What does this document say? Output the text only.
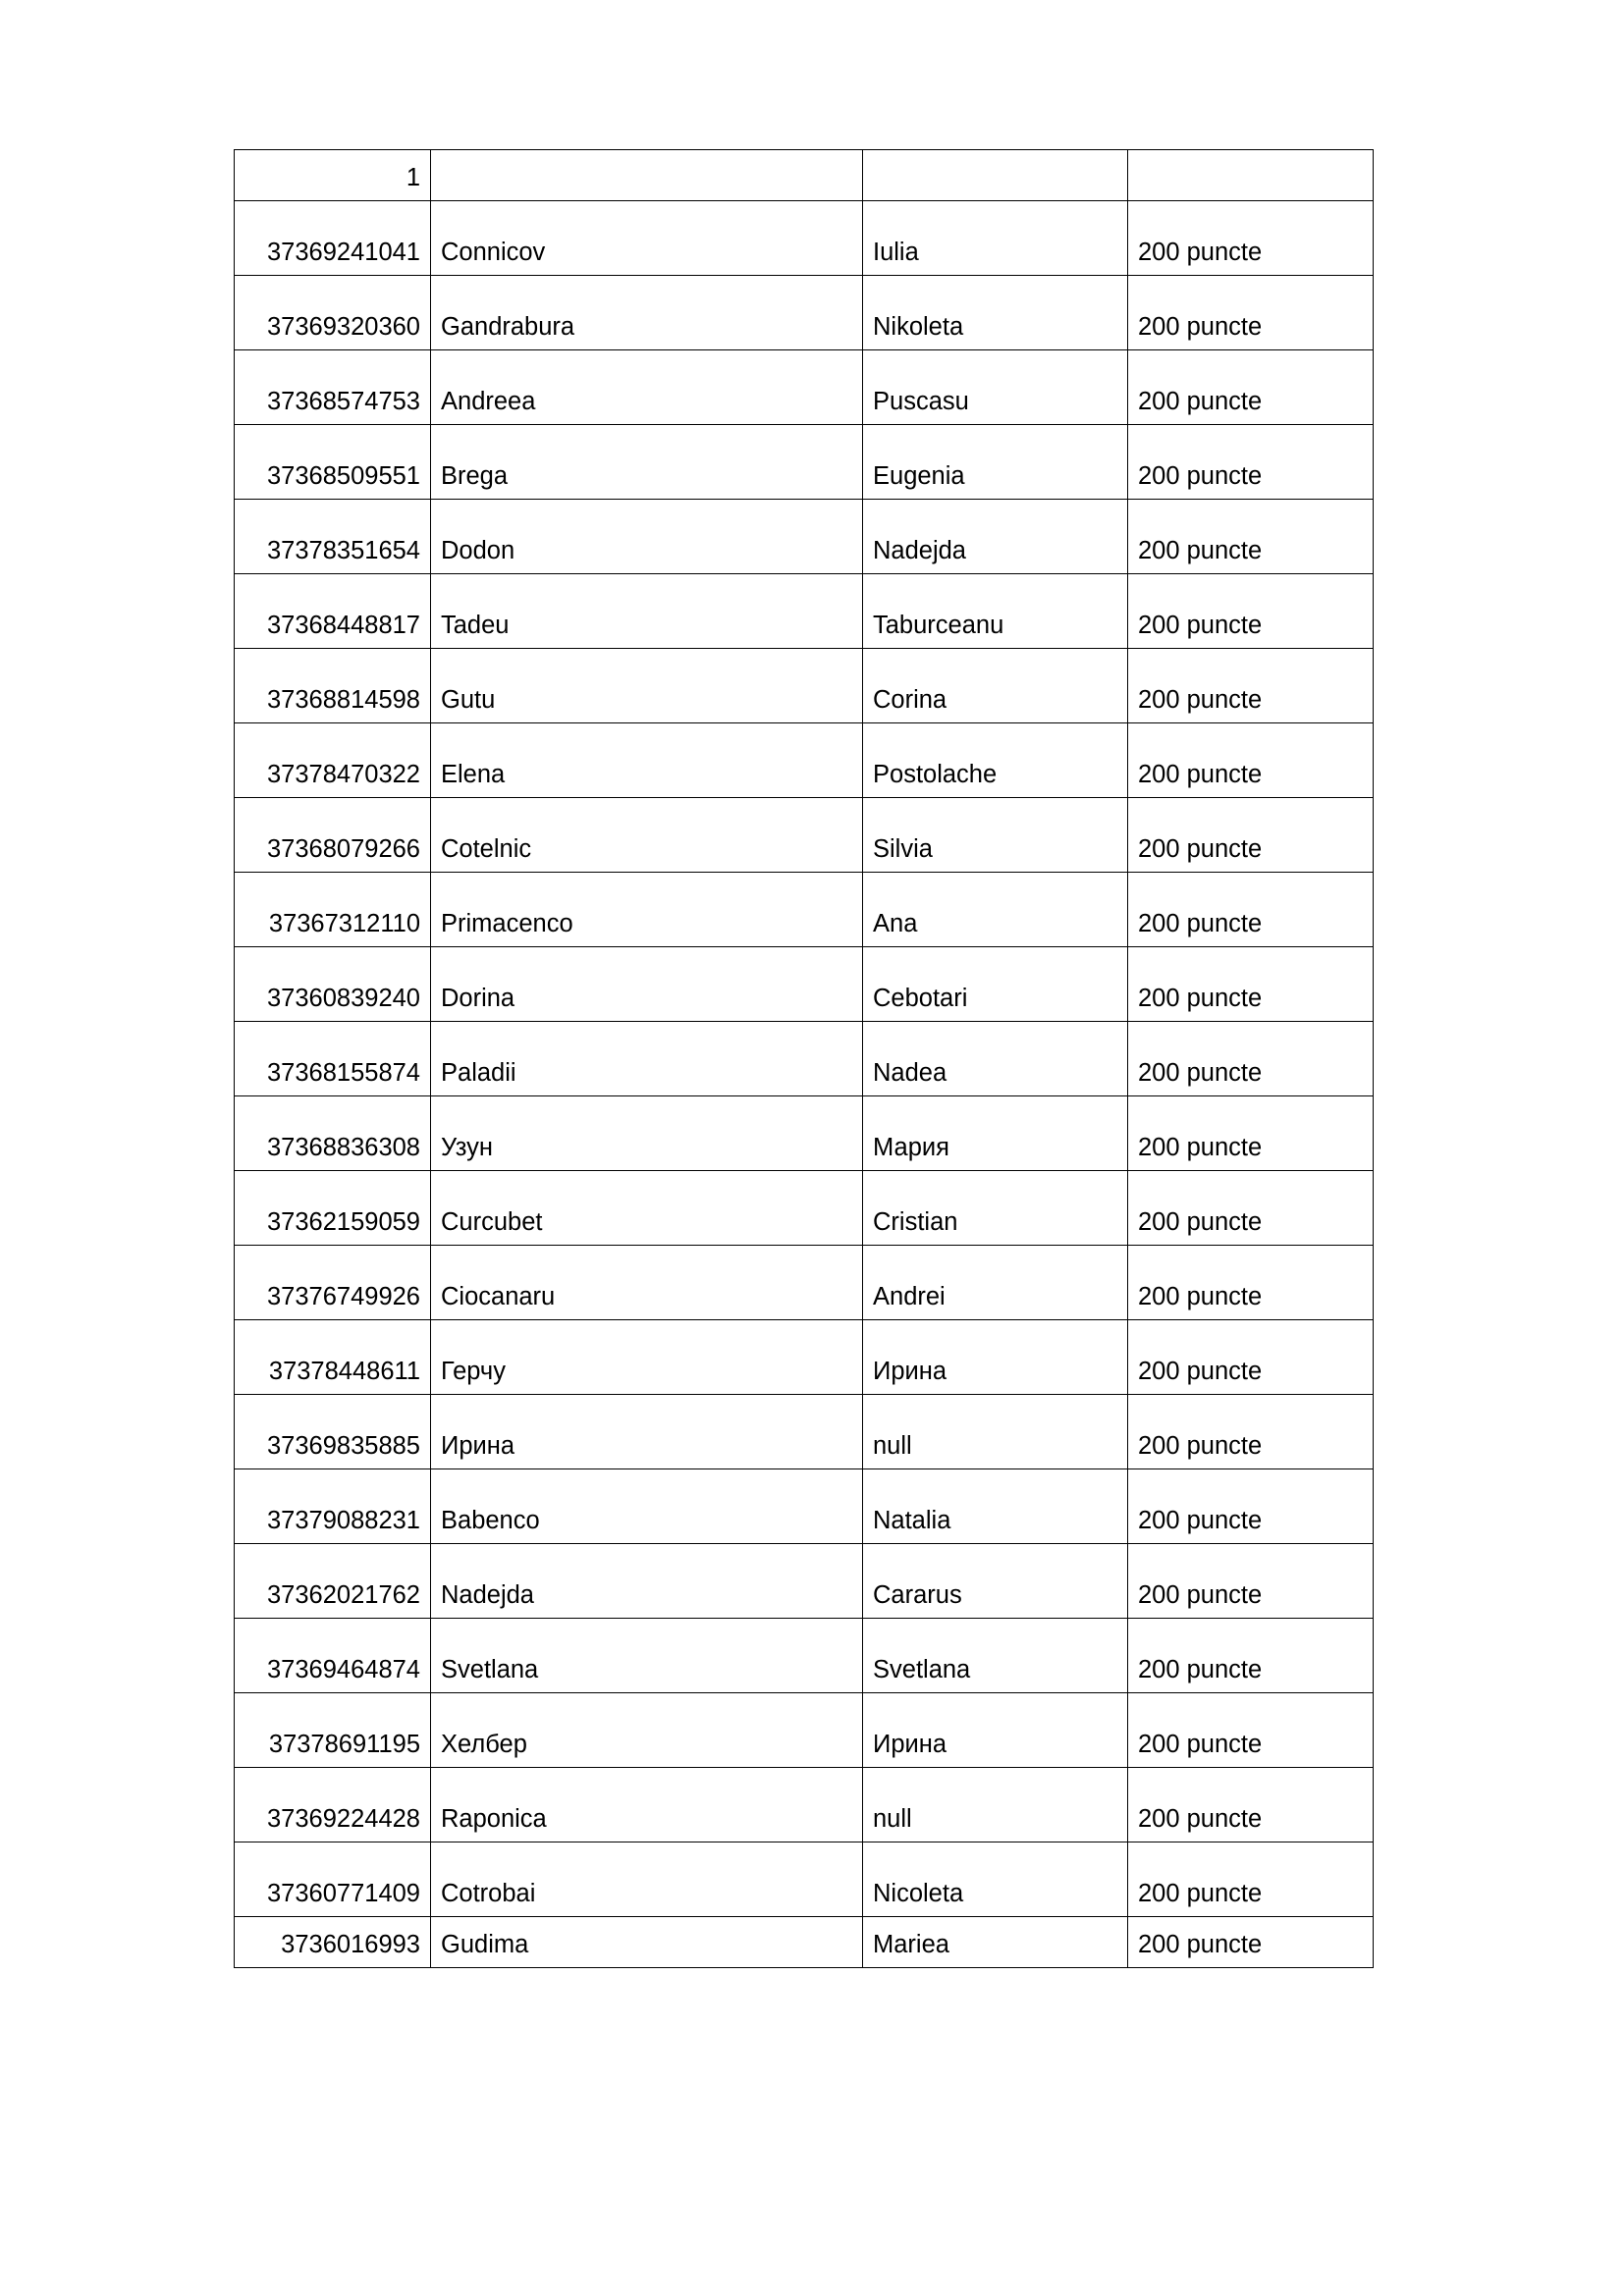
1			
37369241041	Connicov	Iulia	200 puncte
37369320360	Gandrabura	Nikoleta	200 puncte
37368574753	Andreea	Puscasu	200 puncte
37368509551	Brega	Eugenia	200 puncte
37378351654	Dodon	Nadejda	200 puncte
37368448817	Tadeu	Taburceanu	200 puncte
37368814598	Gutu	Corina	200 puncte
37378470322	Elena	Postolache	200 puncte
37368079266	Cotelnic	Silvia	200 puncte
37367312110	Primacenco	Ana	200 puncte
37360839240	Dorina	Cebotari	200 puncte
37368155874	Paladii	Nadea	200 puncte
37368836308	Узун	Мария	200 puncte
37362159059	Curcubet	Cristian	200 puncte
37376749926	Ciocanaru	Andrei	200 puncte
37378448611	Герчу	Ирина	200 puncte
37369835885	Ирина	null	200 puncte
37379088231	Babenco	Natalia	200 puncte
37362021762	Nadejda	Cararus	200 puncte
37369464874	Svetlana	Svetlana	200 puncte
37378691195	Хелбер	Ирина	200 puncte
37369224428	Raponica	null	200 puncte
37360771409	Cotrobai	Nicoleta	200 puncte
3736016993	Gudima	Mariea	200 puncte
